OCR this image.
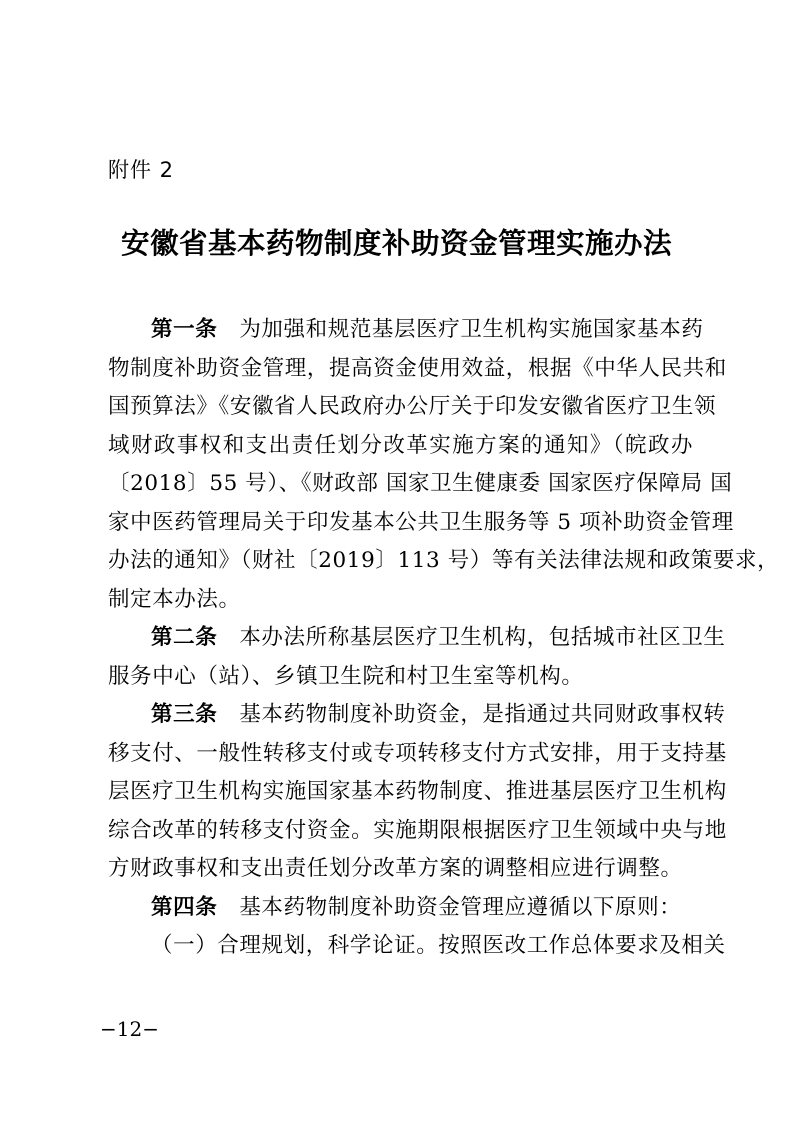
附件 2
安徽省基本药物制度补助资金管理实施办法
第一条 为加强和规范基层医疗卫生机构实施国家基本药
物制度补助资金管理，提高资金使用效益，根据《中华人民共和
国预算法》《安徽省人民政府办公厅关于印发安徽省医疗卫生领
域财政事权和支出责任划分改革实施方案的通知》（皖政办
〔2018〕55 号）、《财政部 国家卫生健康委 国家医疗保障局 国
家中医药管理局关于印发基本公共卫生服务等 5 项补助资金管理
办法的通知》（财社〔2019〕113 号）等有关法律法规和政策要求，
制定本办法。
第二条 本办法所称基层医疗卫生机构，包括城市社区卫生
服务中心（站）、乡镇卫生院和村卫生室等机构。
第三条 基本药物制度补助资金，是指通过共同财政事权转
移支付、一般性转移支付或专项转移支付方式安排，用于支持基
层医疗卫生机构实施国家基本药物制度、推进基层医疗卫生机构
综合改革的转移支付资金。实施期限根据医疗卫生领域中央与地
方财政事权和支出责任划分改革方案的调整相应进行调整。
第四条 基本药物制度补助资金管理应遵循以下原则：
（一）合理规划，科学论证。按照医改工作总体要求及相关
−12−
